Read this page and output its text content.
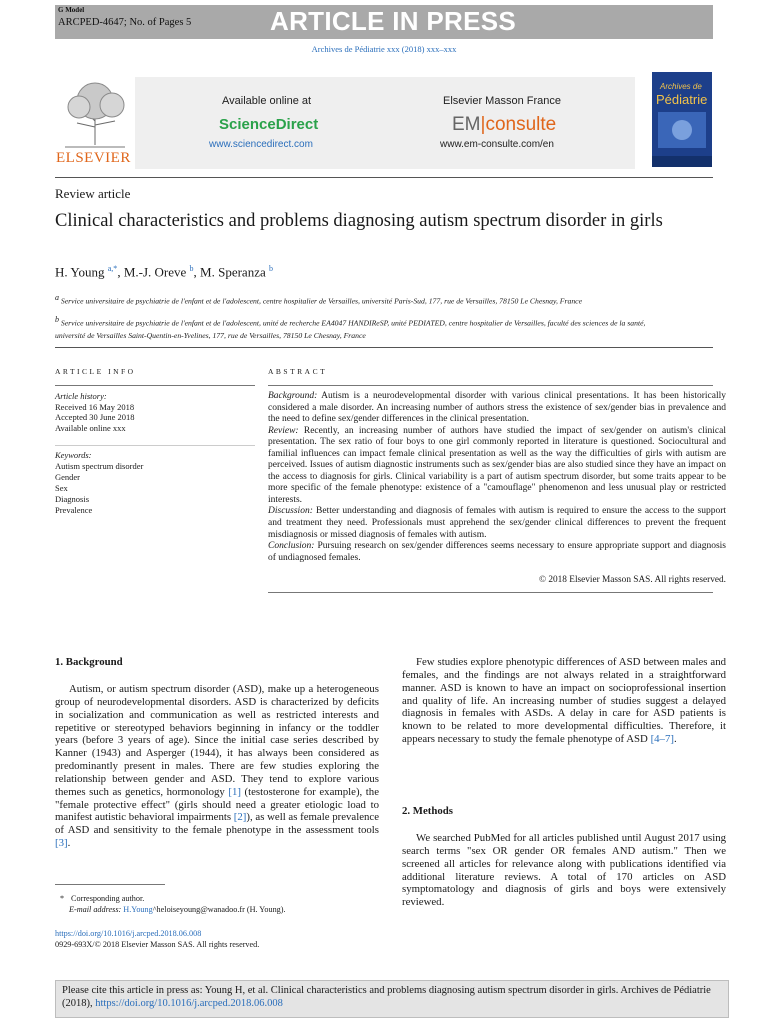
G Model
ARCPED-4647; No. of Pages 5	ARTICLE IN PRESS
Archives de Pédiatrie xxx (2018) xxx–xxx
ELSEVIER
Available online at
ScienceDirect
www.sciencedirect.com
Elsevier Masson France
EM|consulte
www.em-consulte.com/en
Archives de
Pédiatrie
Review article
Clinical characteristics and problems diagnosing autism spectrum disorder in girls
H. Young $^{a,*}$, M.-J. Oreve $^b$, M. Speranza $^b$
$^a$ Service universitaire de psychiatrie de l'enfant et de l'adolescent, centre hospitalier de Versailles, université Paris-Sud, 177, rue de Versailles, 78150 Le Chesnay, France
$^b$ Service universitaire de psychiatrie de l'enfant et de l'adolescent, unité de recherche EA4047 HANDIReSP, unité PEDIATED, centre hospitalier de Versailles, faculté des sciences de la santé, université de Versailles Saint-Quentin-en-Yvelines, 177, rue de Versailles, 78150 Le Chesnay, France
ARTICLE INFO
Article history:
Received 16 May 2018
Accepted 30 June 2018
Available online xxx
Keywords:
Autism spectrum disorder
Gender
Sex
Diagnosis
Prevalence
ABSTRACT
Background: Autism is a neurodevelopmental disorder with various clinical presentations. It has been historically considered a male disorder. An increasing number of authors stress the existence of sex/gender bias in prevalence and the need to define sex/gender differences in the clinical presentation.
Review: Recently, an increasing number of authors have studied the impact of sex/gender on autism's clinical presentation. The sex ratio of four boys to one girl commonly reported in literature is questioned. Sociocultural and familial influences can impact female clinical presentation as well as the way the difficulties of girls with autism are perceived. Issues of autism diagnostic instruments such as sex/gender bias are also studied since they have an impact on the access to diagnosis for girls. Clinical variability is a part of autism spectrum disorder, but some traits appear to be more specific of the female phenotype: existence of a "camouflage" phenomenon and less unusual play or restricted interests.
Discussion: Better understanding and diagnosis of females with autism is required to ensure the access to the support and treatment they need. Professionals must apprehend the sex/gender clinical differences to prevent the frequent misdiagnosis or missed diagnosis of females with autism.
Conclusion: Pursuing research on sex/gender differences seems necessary to ensure appropriate support and diagnosis of undiagnosed females.
© 2018 Elsevier Masson SAS. All rights reserved.
1. Background
Autism, or autism spectrum disorder (ASD), make up a heterogeneous group of neurodevelopmental disorders. ASD is characterized by deficits in socialization and communication as well as restricted interests and repetitive or stereotyped behaviors beginning in infancy or the toddler years (before 3 years of age). Since the initial case series described by Kanner (1943) and Asperger (1944), it has always been considered as predominantly present in males. There are few studies exploring the relationship between gender and ASD. They tend to explore various themes such as genetics, hormonology [1] (testosterone for example), the "female protective effect" (girls should need a greater etiologic load to manifest autistic behavioral impairments [2]), as well as female prevalence of ASD and sensitivity to the female phenotype in the assessment tools [3].
Few studies explore phenotypic differences of ASD between males and females, and the findings are not always related in a straightforward manner. ASD is known to have an impact on socioprofessional insertion and quality of life. An increasing number of studies suggest a delayed diagnosis in females with ASDs. A delay in care for ASD patients is known to be related to more developmental difficulties. Therefore, it appears necessary to study the female phenotype of ASD [4–7].
2. Methods
We searched PubMed for all articles published until August 2017 using search terms "sex OR gender OR females AND autism." Then we screened all articles for relevance along with publications identified via additional literature reviews. A total of 170 articles on ASD symptomatology and diagnosis of girls and boys were extensively reviewed.
* Corresponding author.
E-mail address: H.Young^heloiseyoung@wanadoo.fr (H. Young).
https://doi.org/10.1016/j.arcped.2018.06.008
0929-693X/© 2018 Elsevier Masson SAS. All rights reserved.
Please cite this article in press as: Young H, et al. Clinical characteristics and problems diagnosing autism spectrum disorder in girls. Archives de Pédiatrie (2018), https://doi.org/10.1016/j.arcped.2018.06.008
